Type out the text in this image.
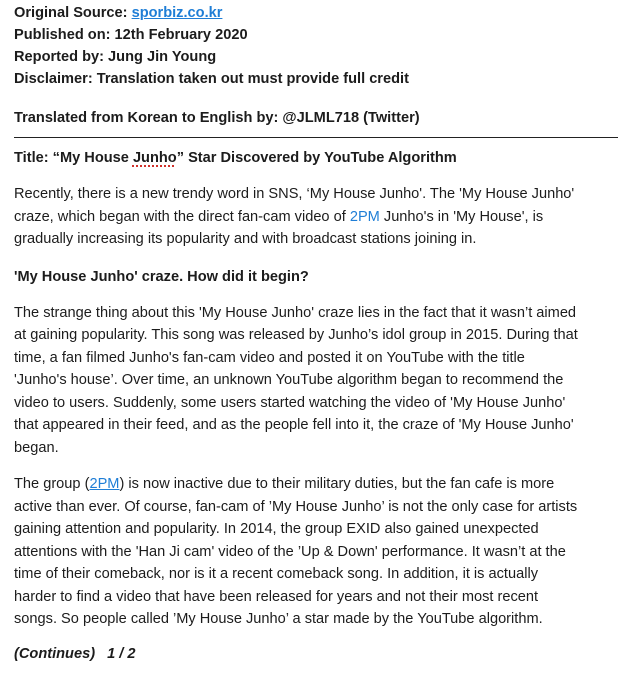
Original Source: sporbiz.co.kr
Published on: 12th February 2020
Reported by: Jung Jin Young
Disclaimer: Translation taken out must provide full credit
Translated from Korean to English by: @JLML718 (Twitter)
Title: “My House Junho” Star Discovered by YouTube Algorithm
Recently, there is a new trendy word in SNS, ‘My House Junho'. The 'My House Junho'
craze, which began with the direct fan-cam video of 2PM Junho's in 'My House', is
gradually increasing its popularity and with broadcast stations joining in.
'My House Junho' craze. How did it begin?
The strange thing about this 'My House Junho' craze lies in the fact that it wasn’t aimed
at gaining popularity. This song was released by Junho’s idol group in 2015. During that
time, a fan filmed Junho's fan-cam video and posted it on YouTube with the title
'Junho's house’. Over time, an unknown YouTube algorithm began to recommend the
video to users. Suddenly, some users started watching the video of 'My House Junho'
that appeared in their feed, and as the people fell into it, the craze of 'My House Junho'
began.
The group (2PM) is now inactive due to their military duties, but the fan cafe is more
active than ever. Of course, fan-cam of ’My House Junho’ is not the only case for artists
gaining attention and popularity. In 2014, the group EXID also gained unexpected
attentions with the 'Han Ji cam' video of the ’Up & Down' performance. It wasn’t at the
time of their comeback, nor is it a recent comeback song. In addition, it is actually
harder to find a video that have been released for years and not their most recent
songs. So people called ’My House Junho’ a star made by the YouTube algorithm.
(Continues) 1 / 2
